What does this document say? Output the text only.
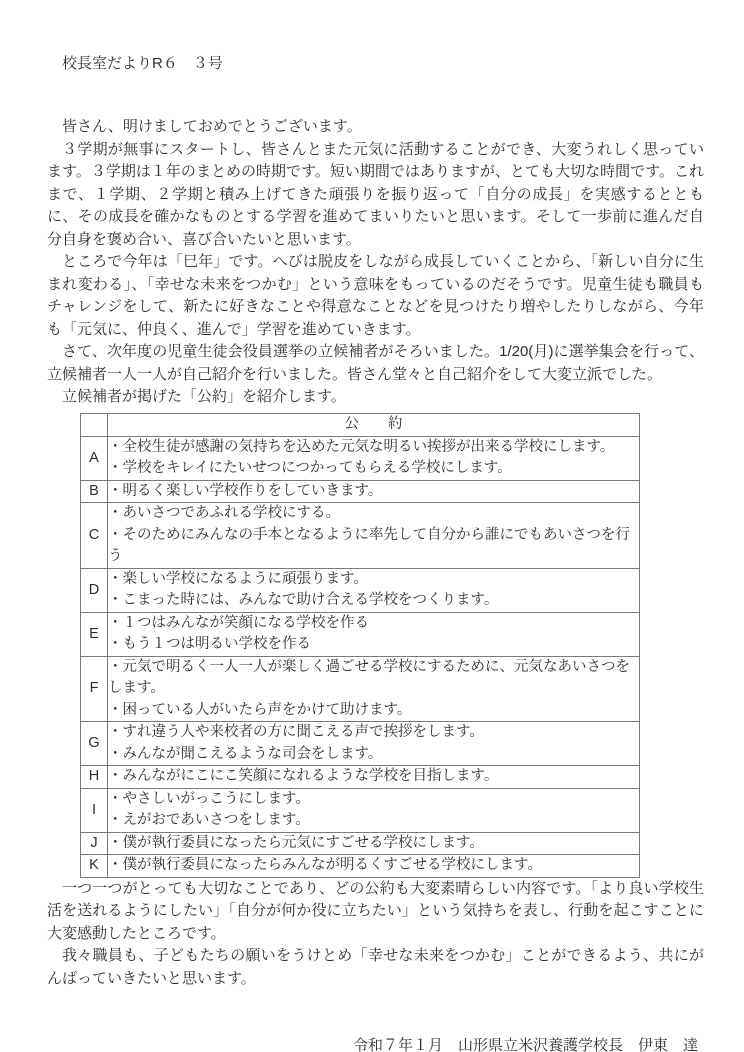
校長室だよりR６　３号

皆さん、明けましておめでとうございます。

３学期が無事にスタートし、皆さんとまた元気に活動することができ、大変うれしく思っています。３学期は１年のまとめの時期です。短い期間ではありますが、とても大切な時間です。これまで、１学期、２学期と積み上げてきた頑張りを振り返って「自分の成長」を実感するとともに、その成長を確かなものとする学習を進めてまいりたいと思います。そして一歩前に進んだ自分自身を褒め合い、喜び合いたいと思います。

ところで今年は「巳年」です。へびは脱皮をしながら成長していくことから、「新しい自分に生まれ変わる」、「幸せな未来をつかむ」という意味をもっているのだそうです。児童生徒も職員もチャレンジをして、新たに好きなことや得意なことなどを見つけたり増やしたりしながら、今年も「元気に、仲良く、進んで」学習を進めていきます。

さて、次年度の児童生徒会役員選挙の立候補者がそろいました。1/20(月)に選挙集会を行って、立候補者一人一人が自己紹介を行いました。皆さん堂々と自己紹介をして大変立派でした。

立候補者が掲げた「公約」を紹介します。

	公　　約
A	・全校生徒が感謝の気持ちを込めた元気な明るい挨拶が出来る学校にします。
・学校をキレイにたいせつにつかってもらえる学校にします。

B	・明るく楽しい学校作りをしていきます。

C	・あいさつであふれる学校にする。
・そのためにみんなの手本となるように率先して自分から誰にでもあいさつを行う

D	・楽しい学校になるように頑張ります。
・こまった時には、みんなで助け合える学校をつくります。

E	・１つはみんなが笑顔になる学校を作る
・もう１つは明るい学校を作る

F	・元気で明るく一人一人が楽しく過ごせる学校にするために、元気なあいさつをします。
・困っている人がいたら声をかけて助けます。

G	・すれ違う人や来校者の方に聞こえる声で挨拶をします。
・みんなが聞こえるような司会をします。

H	・みんながにこにこ笑顔になれるような学校を目指します。

I	・やさしいがっこうにします。
・えがおであいさつをします。

J	・僕が執行委員になったら元気にすごせる学校にします。

K	・僕が執行委員になったらみんなが明るくすごせる学校にします。

一つ一つがとっても大切なことであり、どの公約も大変素晴らしい内容です。「より良い学校生活を送れるようにしたい」「自分が何か役に立ちたい」という気持ちを表し、行動を起こすことに大変感動したところです。

我々職員も、子どもたちの願いをうけとめ「幸せな未来をつかむ」ことができるよう、共にがんばっていきたいと思います。

令和７年１月　山形県立米沢養護学校長　伊東　達
